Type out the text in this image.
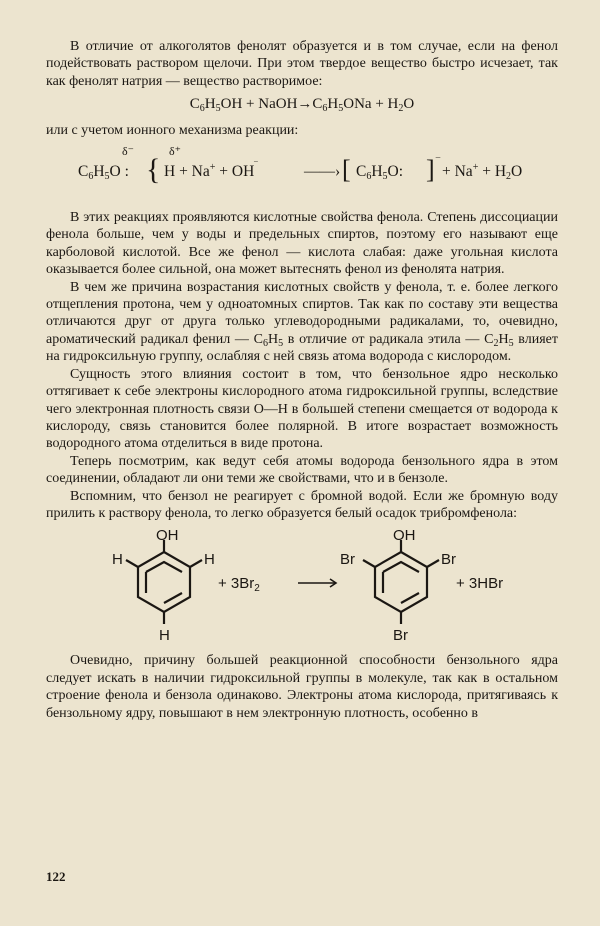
В отличие от алкоголятов фенолят образуется и в том случае, если на фенол подействовать раствором щелочи. При этом твердое вещество быстро исчезает, так как фенолят натрия — вещество растворимое:

$C_6H_5OH$ + $NaOH\to C_6H_5ONa + H_2O$

или с учетом ионного механизма реакции:

δ⁻	δ⁺
$C_6H_5O$ : { H + Na+ + OH‾	——› [ $C_6H_5O$: ] ‾ + $Na^+ + H_2O$

В этих реакциях проявляются кислотные свойства фенола. Степень диссоциации фенола больше, чем у воды и предельных спиртов, поэтому его называют еще карболовой кислотой. Все же фенол — кислота слабая: даже угольная кислота оказывается более сильной, она может вытеснять фенол из фенолята натрия.

В чем же причина возрастания кислотных свойств у фенола, т. е. более легкого отщепления протона, чем у одноатомных спиртов. Так как по составу эти вещества отличаются друг от друга только углеводородными радикалами, то, очевидно, ароматический радикал фенил — $C_6H_5$ в отличие от радикала этила — $C_2H_5$ влияет на гидроксильную группу, ослабляя с ней связь атома водорода с кислородом.

Сущность этого влияния состоит в том, что бензольное ядро несколько оттягивает к себе электроны кислородного атома гидроксильной группы, вследствие чего электронная плотность связи O—H в большей степени смещается от водорода к кислороду, связь становится более полярной. В итоге возрастает возможность водородного атома отделиться в виде протона.

Теперь посмотрим, как ведут себя атомы водорода бензольного ядра в этом соединении, обладают ли они теми же свойствами, что и в бензоле.

Вспомним, что бензол не реагирует с бромной водой. Если же бромную воду прилить к раствору фенола, то легко образуется белый осадок трибромфенола:

OH
H	H
H
+ $3Br_2$
OH
Br	Br
Br
+ 3HBr

Очевидно, причину большей реакционной способности бензольного ядра следует искать в наличии гидроксильной группы в молекуле, так как в остальном строение фенола и бензола одинаково. Электроны атома кислорода, притягиваясь к бензольному ядру, повышают в нем электронную плотность, особенно в

122
